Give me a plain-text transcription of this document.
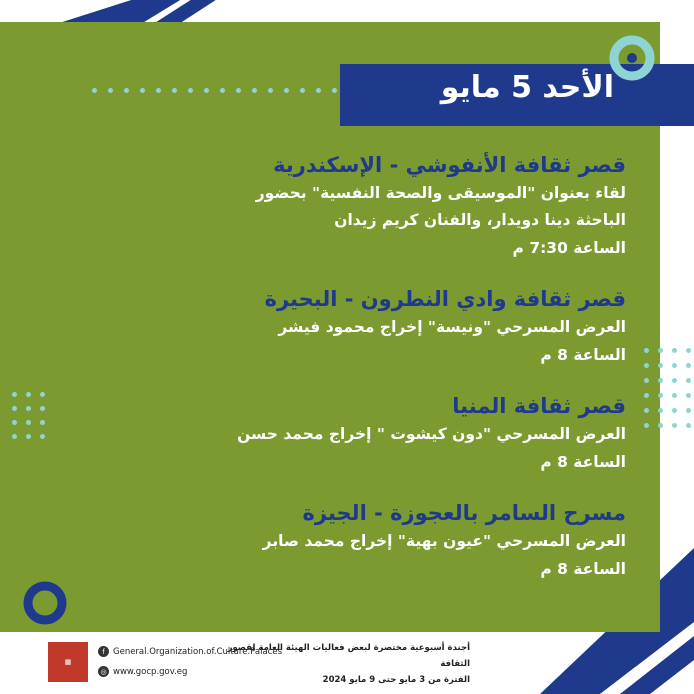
الأحد 5 مايو
قصر ثقافة الأنفوشي - الإسكندرية
لقاء بعنوان "الموسيقى والصحة النفسية" بحضور الباحثة دينا دويدار، والفنان كريم زيدان
الساعة 7:30 م
قصر ثقافة وادي النطرون - البحيرة
العرض المسرحي "ونيسة" إخراج محمود فيشر
الساعة 8 م
قصر ثقافة المنيا
العرض المسرحي "دون كيشوت " إخراج محمد حسن
الساعة 8 م
مسرح السامر بالعجوزة - الجيزة
العرض المسرحي "عيون بهية" إخراج محمد صابر
الساعة 8 م
▦
f General.Organization.of.Culture.Palaces
◎ www.gocp.gov.eg
أجندة أسبوعية مختصرة لبعض فعاليات الهيئة العامة لقصور الثقافة
الفترة من 3 مايو حتى 9 مايو 2024
